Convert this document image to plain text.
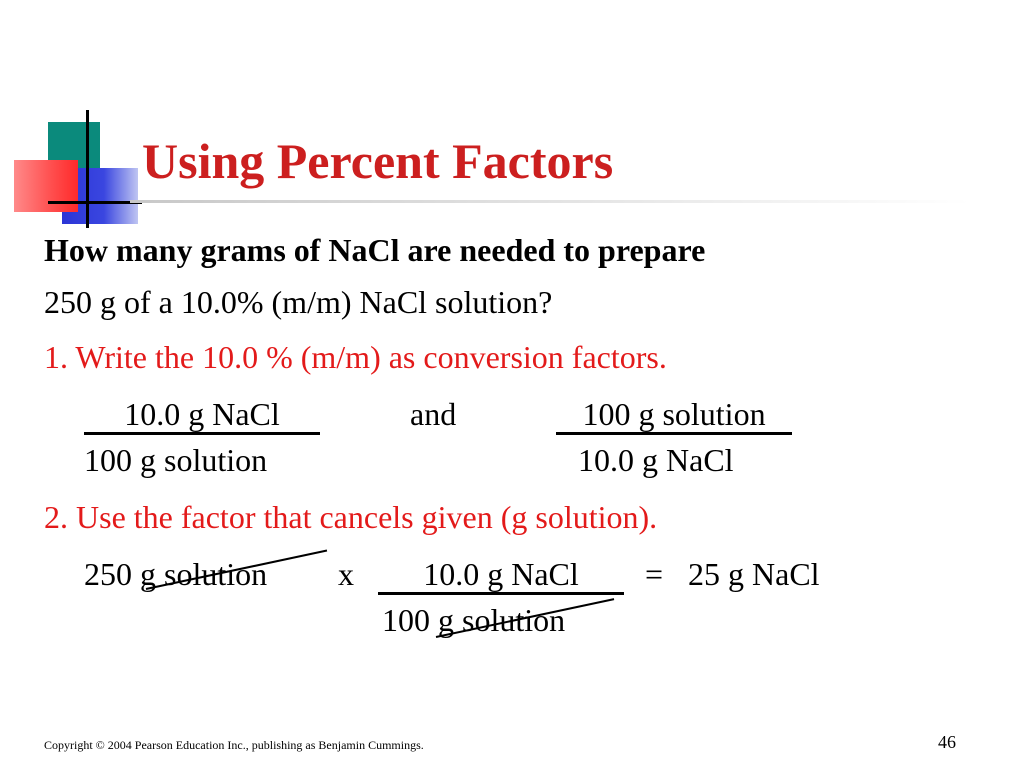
Using Percent Factors
How many grams of NaCl are needed to prepare
250 g of a 10.0% (m/m) NaCl solution?
1. Write the 10.0 % (m/m) as conversion factors.
10.0 g NaCl
100 g solution
and	100 g solution
10.0 g NaCl
2. Use the factor that cancels given (g solution).
250 g solution x	10.0 g NaCl
100 g solution
= 25 g NaCl
Copyright © 2004 Pearson Education Inc., publishing as Benjamin Cummings.	46
